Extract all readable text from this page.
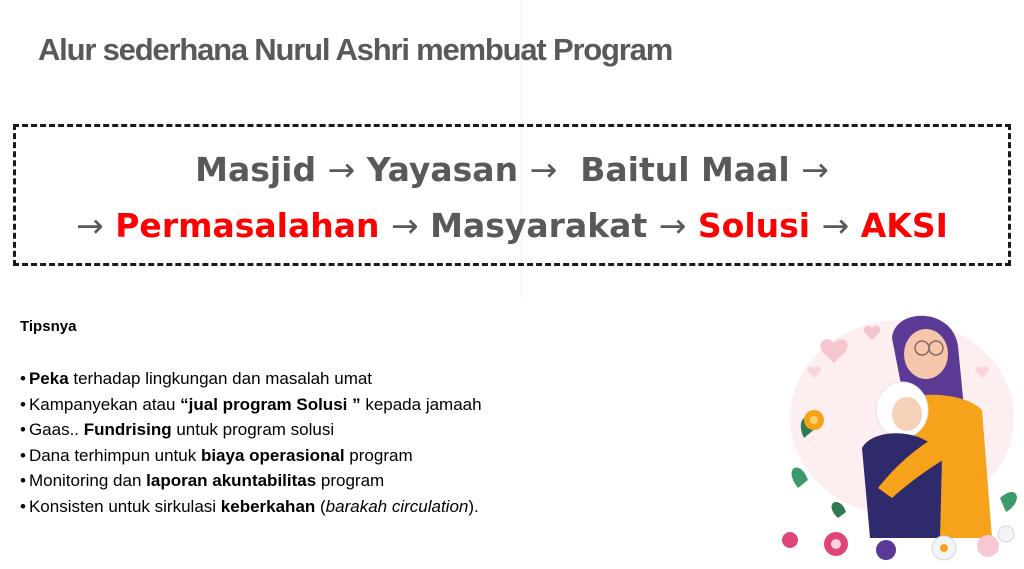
Alur sederhana Nurul Ashri membuat Program
Masjid → Yayasan → Baitul Maal →
→ Permasalahan → Masyarakat → Solusi → AKSI
Tipsnya
• Peka terhadap lingkungan dan masalah umat
• Kampanyekan atau “jual program Solusi ” kepada jamaah
• Gaas.. Fundrising untuk program solusi
• Dana terhimpun untuk biaya operasional program
• Monitoring dan laporan akuntabilitas program
• Konsisten untuk sirkulasi keberkahan (barakah circulation).
